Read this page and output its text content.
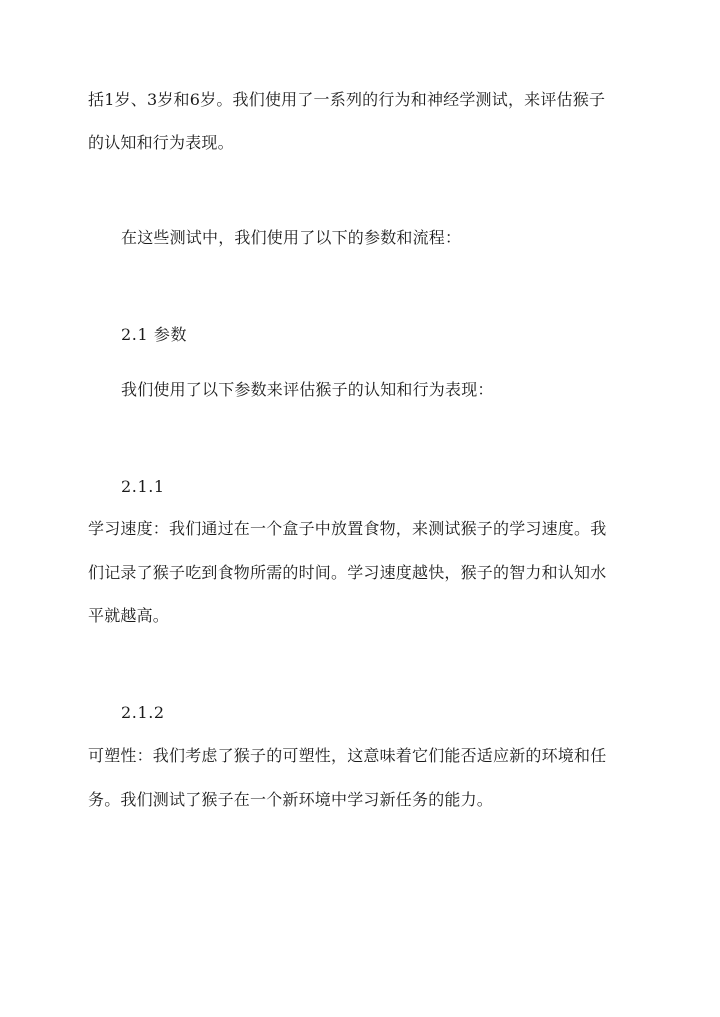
括1岁、3岁和6岁。我们使用了一系列的行为和神经学测试，来评估猴子
的认知和行为表现。
在这些测试中，我们使用了以下的参数和流程：
2.1 参数
我们使用了以下参数来评估猴子的认知和行为表现：
2.1.1
学习速度：我们通过在一个盒子中放置食物，来测试猴子的学习速度。我
们记录了猴子吃到食物所需的时间。学习速度越快，猴子的智力和认知水
平就越高。
2.1.2
可塑性：我们考虑了猴子的可塑性，这意味着它们能否适应新的环境和任
务。我们测试了猴子在一个新环境中学习新任务的能力。
